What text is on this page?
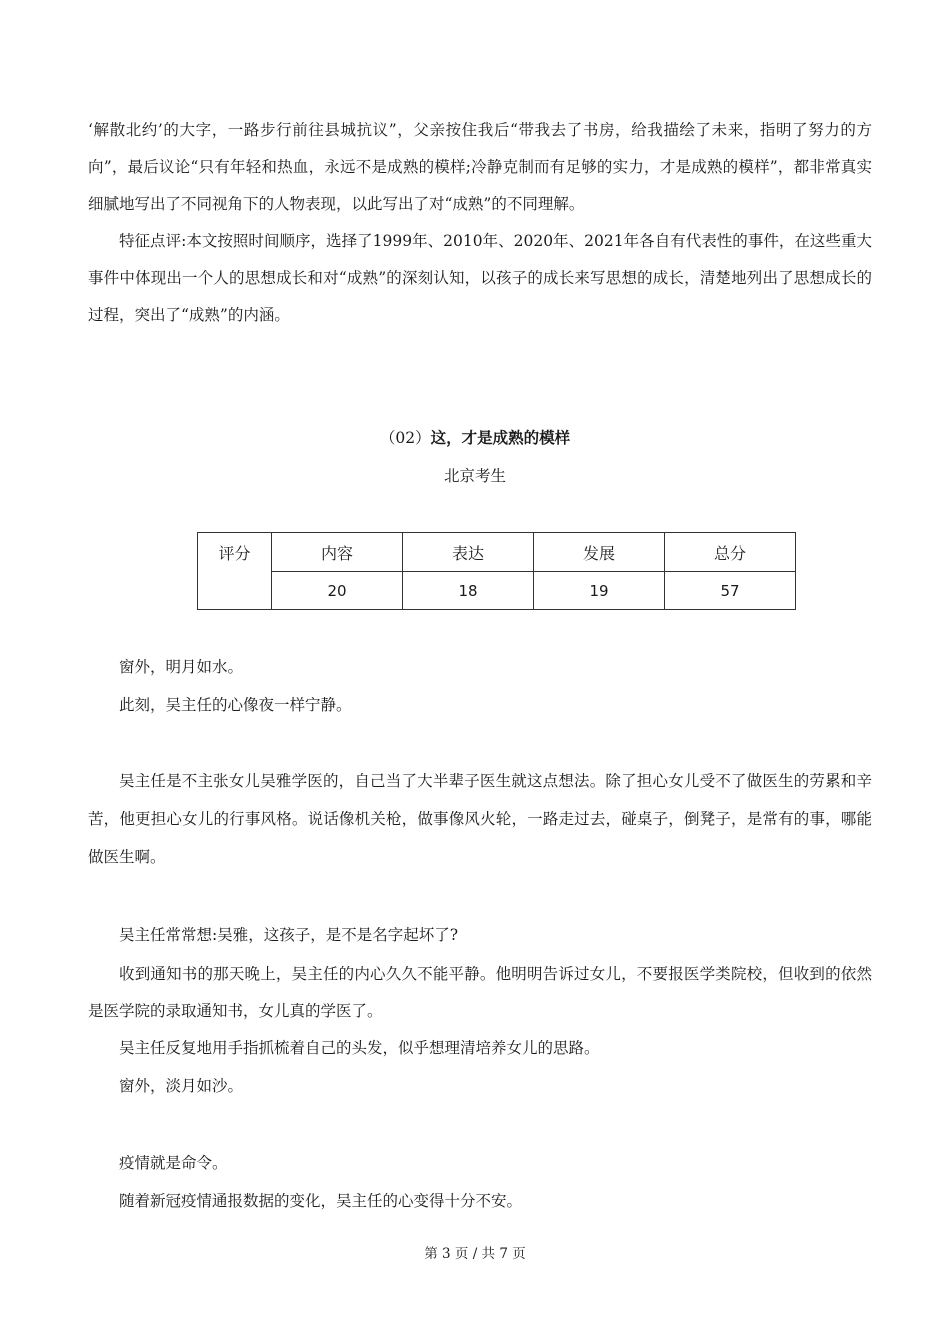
‘解散北约’的大字，一路步行前往县城抗议”，父亲按住我后“带我去了书房，给我描绘了未来，指明了努力的方向”，最后议论“只有年轻和热血，永远不是成熟的模样;冷静克制而有足够的实力，才是成熟的模样”，都非常真实细腻地写出了不同视角下的人物表现，以此写出了对“成熟”的不同理解。

特征点评:本文按照时间顺序，选择了1999年、2010年、2020年、2021年各自有代表性的事件，在这些重大事件中体现出一个人的思想成长和对“成熟”的深刻认知，以孩子的成长来写思想的成长，清楚地列出了思想成长的过程，突出了“成熟”的内涵。

（02）这，才是成熟的模样
北京考生
评分	内容	表达	发展	总分
	20	18	19	57

窗外，明月如水。

此刻，吴主任的心像夜一样宁静。

吴主任是不主张女儿吴雅学医的，自己当了大半辈子医生就这点想法。除了担心女儿受不了做医生的劳累和辛苦，他更担心女儿的行事风格。说话像机关枪，做事像风火轮，一路走过去，碰桌子，倒凳子，是常有的事，哪能做医生啊。

吴主任常常想:吴雅，这孩子，是不是名字起坏了?

收到通知书的那天晚上，吴主任的内心久久不能平静。他明明告诉过女儿，不要报医学类院校，但收到的依然是医学院的录取通知书，女儿真的学医了。

吴主任反复地用手指抓梳着自己的头发，似乎想理清培养女儿的思路。

窗外，淡月如沙。

疫情就是命令。

随着新冠疫情通报数据的变化，吴主任的心变得十分不安。

第 3 页 / 共 7 页
